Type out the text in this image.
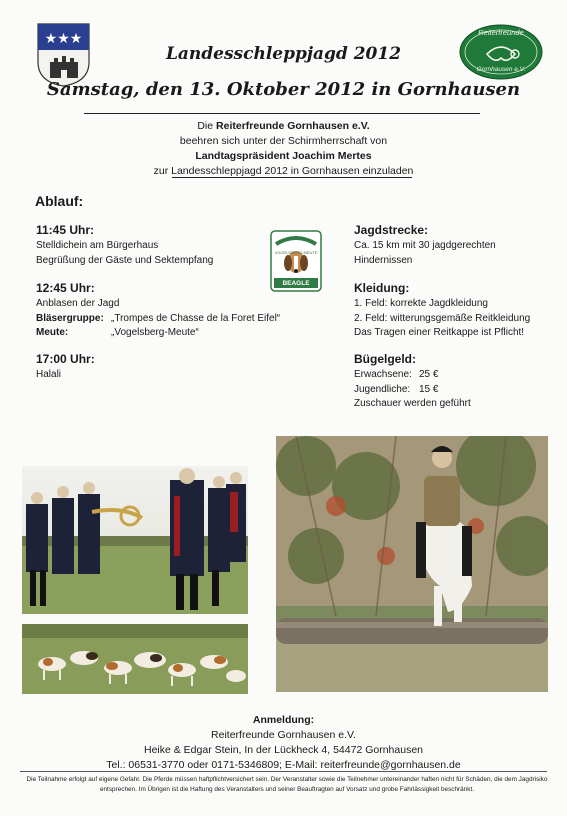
★★★
Landesschleppjagd 2012
Samstag, den 13. Oktober 2012 in Gornhausen
Reiterfreunde
Gornhausen e.V.
Die Reiterfreunde Gornhausen e.V.
beehren sich unter der Schirmherrschaft von
Landtagspräsident Joachim Mertes
zur Landesschleppjagd 2012 in Gornhausen einzuladen
Ablauf:
11:45 Uhr:
Stelldichein am Bürgerhaus
Begrüßung der Gäste und Sektempfang
12:45 Uhr:
Anblasen der Jagd
Bläsergruppe: „Trompes de Chasse de la Foret Eifel“
Meute:	„Vogelsberg-Meute“
17:00 Uhr:
Halali
VOGELSBERG-MEUTE
BEAGLE
Jagdstrecke:
Ca. 15 km mit 30 jagdgerechten
Hindernissen
Kleidung:
1. Feld: korrekte Jagdkleidung
2. Feld: witterungsgemäße Reitkleidung
Das Tragen einer Reitkappe ist Pflicht!
Bügelgeld:
Erwachsene: 25 €
Jugendliche: 15 €
Zuschauer werden geführt
Anmeldung:
Reiterfreunde Gornhausen e.V.
Heike & Edgar Stein, In der Lückheck 4, 54472 Gornhausen
Tel.: 06531-3770 oder 0171-5346809; E-Mail: reiterfreunde@gornhausen.de
Die Teilnahme erfolgt auf eigene Gefahr. Die Pferde müssen haftpflichtversichert sein. Der Veranstalter sowie die Teilnehmer untereinander haften nicht für Schäden, die dem Jagdrisiko entsprechen. Im Übrigen ist die Haftung des Veranstalters und seiner Beauftragten auf Vorsatz und grobe Fahrlässigkeit beschränkt.
